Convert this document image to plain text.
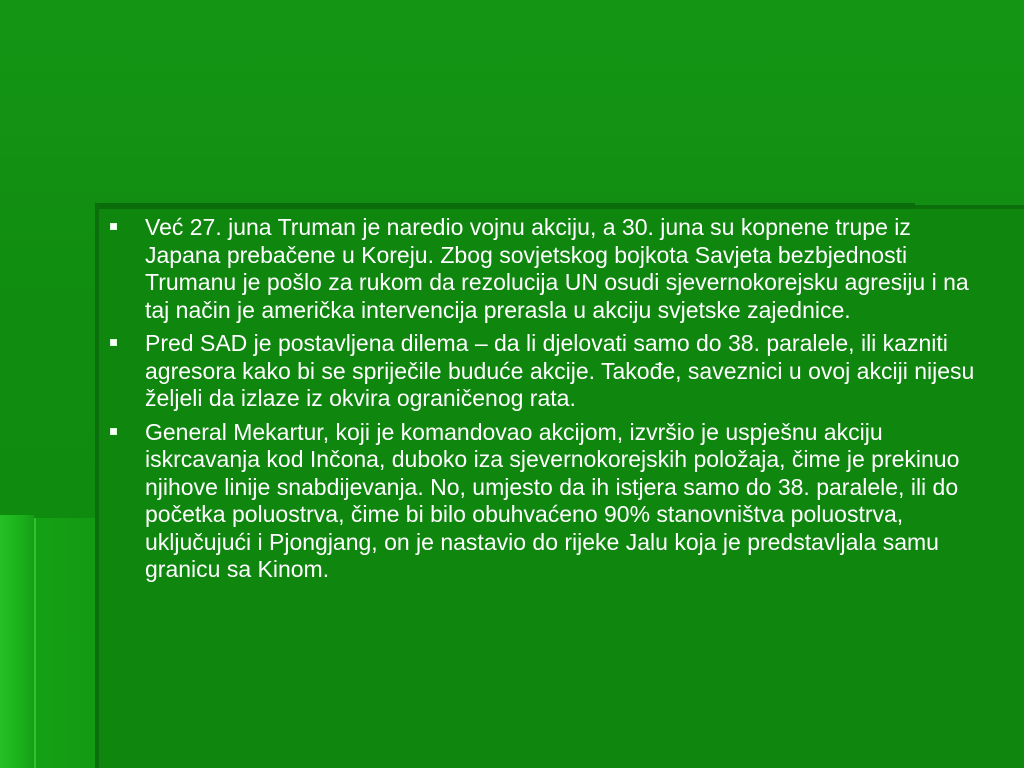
Već 27. juna Truman je naredio vojnu akciju, a 30. juna su kopnene trupe iz Japana prebačene u Koreju. Zbog sovjetskog bojkota Savjeta bezbjednosti Trumanu je pošlo za rukom da rezolucija UN osudi sjevernokorejsku agresiju i na taj način je američka intervencija prerasla u akciju svjetske zajednice.
Pred SAD je postavljena dilema – da li djelovati samo do 38. paralele, ili kazniti agresora kako bi se spriječile buduće akcije. Takođe, saveznici u ovoj akciji nijesu željeli da izlaze iz okvira ograničenog rata.
General Mekartur, koji je komandovao akcijom, izvršio je uspješnu akciju iskrcavanja kod Inčona, duboko iza sjevernokorejskih položaja, čime je prekinuo njihove linije snabdijevanja. No, umjesto da ih istjera samo do 38. paralele, ili do početka poluostrva, čime bi bilo obuhvaćeno 90% stanovništva poluostrva, uključujući i Pjongjang, on je nastavio do rijeke Jalu koja je predstavljala samu granicu sa Kinom.
